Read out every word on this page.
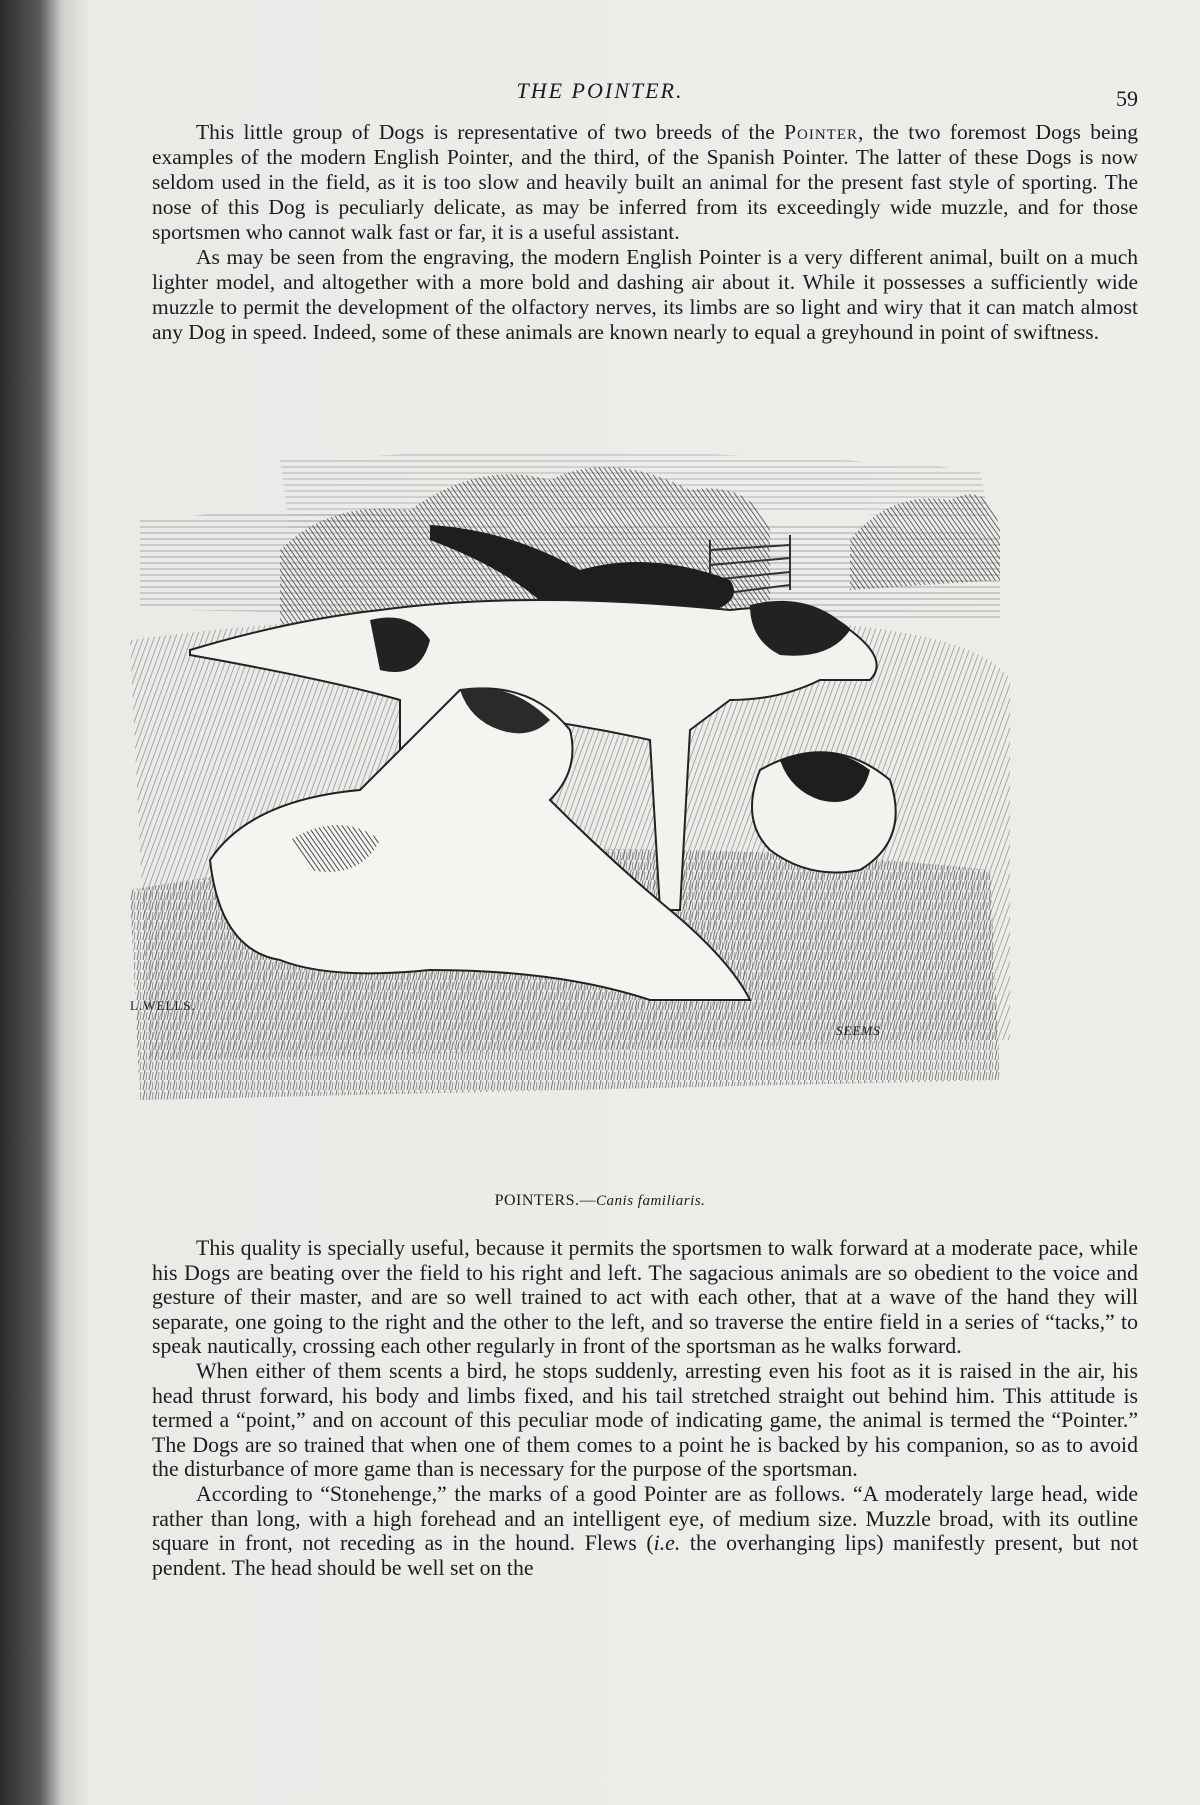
THE POINTER.	59

This little group of Dogs is representative of two breeds of the Pointer, the two foremost Dogs being examples of the modern English Pointer, and the third, of the Spanish Pointer. The latter of these Dogs is now seldom used in the field, as it is too slow and heavily built an animal for the present fast style of sporting. The nose of this Dog is peculiarly delicate, as may be inferred from its exceedingly wide muzzle, and for those sportsmen who cannot walk fast or far, it is a useful assistant.

As may be seen from the engraving, the modern English Pointer is a very different animal, built on a much lighter model, and altogether with a more bold and dashing air about it. While it possesses a sufficiently wide muzzle to permit the development of the olfactory nerves, its limbs are so light and wiry that it can match almost any Dog in speed. Indeed, some of these animals are known nearly to equal a greyhound in point of swiftness.

L.WELLS.
SEEMS
POINTERS.—Canis familiaris.

This quality is specially useful, because it permits the sportsmen to walk forward at a moderate pace, while his Dogs are beating over the field to his right and left. The sagacious animals are so obedient to the voice and gesture of their master, and are so well trained to act with each other, that at a wave of the hand they will separate, one going to the right and the other to the left, and so traverse the entire field in a series of “tacks,” to speak nautically, crossing each other regularly in front of the sportsman as he walks forward.

When either of them scents a bird, he stops suddenly, arresting even his foot as it is raised in the air, his head thrust forward, his body and limbs fixed, and his tail stretched straight out behind him. This attitude is termed a “point,” and on account of this peculiar mode of indicating game, the animal is termed the “Pointer.” The Dogs are so trained that when one of them comes to a point he is backed by his companion, so as to avoid the disturbance of more game than is necessary for the purpose of the sportsman.

According to “Stonehenge,” the marks of a good Pointer are as follows. “A moderately large head, wide rather than long, with a high forehead and an intelligent eye, of medium size. Muzzle broad, with its outline square in front, not receding as in the hound. Flews (i.e. the overhanging lips) manifestly present, but not pendent. The head should be well set on the
